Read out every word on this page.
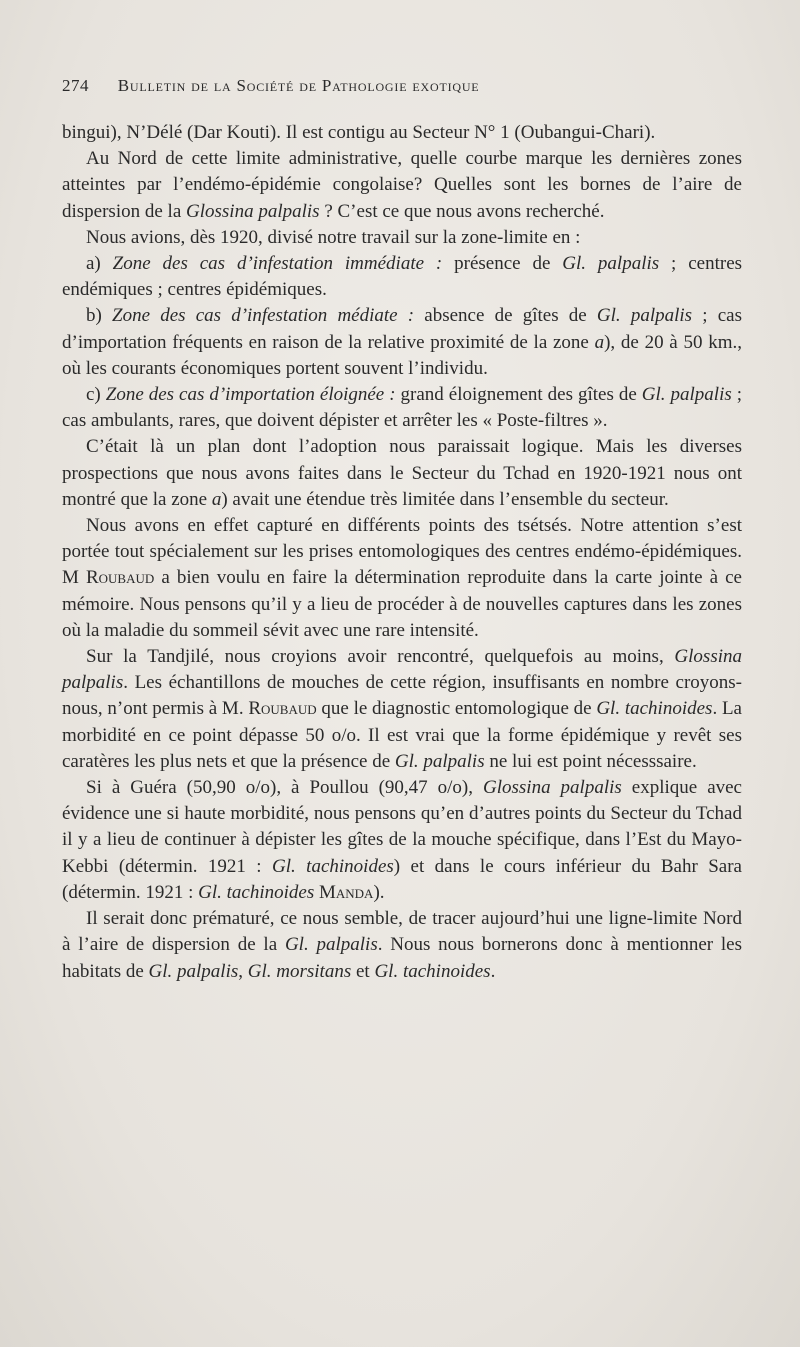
274 Bulletin de la Société de Pathologie exotique

bingui), N’Délé (Dar Kouti). Il est contigu au Secteur N° 1 (Oubangui-Chari).

Au Nord de cette limite administrative, quelle courbe marque les dernières zones atteintes par l’endémo-épidémie congolaise? Quelles sont les bornes de l’aire de dispersion de la Glossina palpalis ? C’est ce que nous avons recherché.

Nous avions, dès 1920, divisé notre travail sur la zone-limite en :

a) Zone des cas d’infestation immédiate : présence de Gl. palpalis ; centres endémiques ; centres épidémiques.

b) Zone des cas d’infestation médiate : absence de gîtes de Gl. palpalis ; cas d’importation fréquents en raison de la relative proximité de la zone a), de 20 à 50 km., où les courants économiques portent souvent l’individu.

c) Zone des cas d’importation éloignée : grand éloignement des gîtes de Gl. palpalis ; cas ambulants, rares, que doivent dépister et arrêter les « Poste-filtres ».

C’était là un plan dont l’adoption nous paraissait logique. Mais les diverses prospections que nous avons faites dans le Secteur du Tchad en 1920-1921 nous ont montré que la zone a) avait une étendue très limitée dans l’ensemble du secteur.

Nous avons en effet capturé en différents points des tsétsés. Notre attention s’est portée tout spécialement sur les prises entomologiques des centres endémo-épidémiques. M Roubaud a bien voulu en faire la détermination reproduite dans la carte jointe à ce mémoire. Nous pensons qu’il y a lieu de procéder à de nouvelles captures dans les zones où la maladie du sommeil sévit avec une rare intensité.

Sur la Tandjilé, nous croyions avoir rencontré, quelquefois au moins, Glossina palpalis. Les échantillons de mouches de cette région, insuffisants en nombre croyons-nous, n’ont permis à M. Roubaud que le diagnostic entomologique de Gl. tachinoides. La morbidité en ce point dépasse 50 o/o. Il est vrai que la forme épidémique y revêt ses caratères les plus nets et que la présence de Gl. palpalis ne lui est point nécesssaire.

Si à Guéra (50,90 o/o), à Poullou (90,47 o/o), Glossina palpalis explique avec évidence une si haute morbidité, nous pensons qu’en d’autres points du Secteur du Tchad il y a lieu de continuer à dépister les gîtes de la mouche spécifique, dans l’Est du Mayo-Kebbi (détermin. 1921 : Gl. tachinoides) et dans le cours inférieur du Bahr Sara (détermin. 1921 : Gl. tachinoides Manda).

Il serait donc prématuré, ce nous semble, de tracer aujourd’hui une ligne-limite Nord à l’aire de dispersion de la Gl. palpalis. Nous nous bornerons donc à mentionner les habitats de Gl. palpalis, Gl. morsitans et Gl. tachinoides.
